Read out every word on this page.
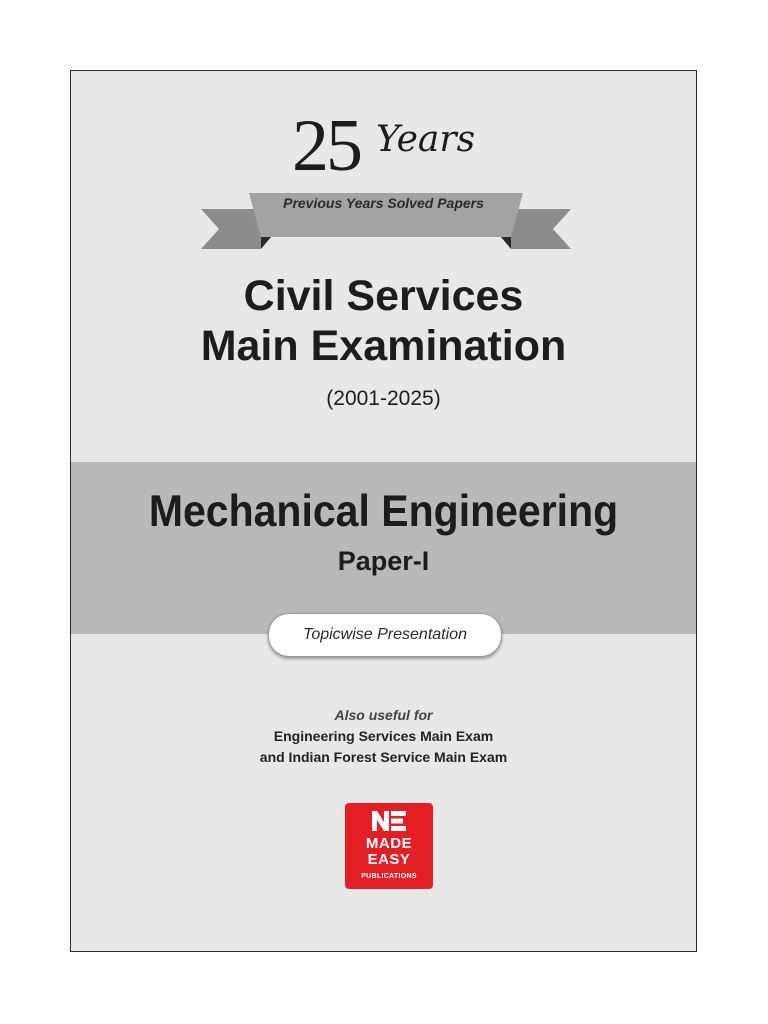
25 Years
Previous Years Solved Papers
Civil Services
Main Examination
(2001-2025)
Mechanical Engineering
Paper-I
Topicwise Presentation
Also useful for
Engineering Services Main Exam
and Indian Forest Service Main Exam
MADE
EASY
PUBLICATIONS
